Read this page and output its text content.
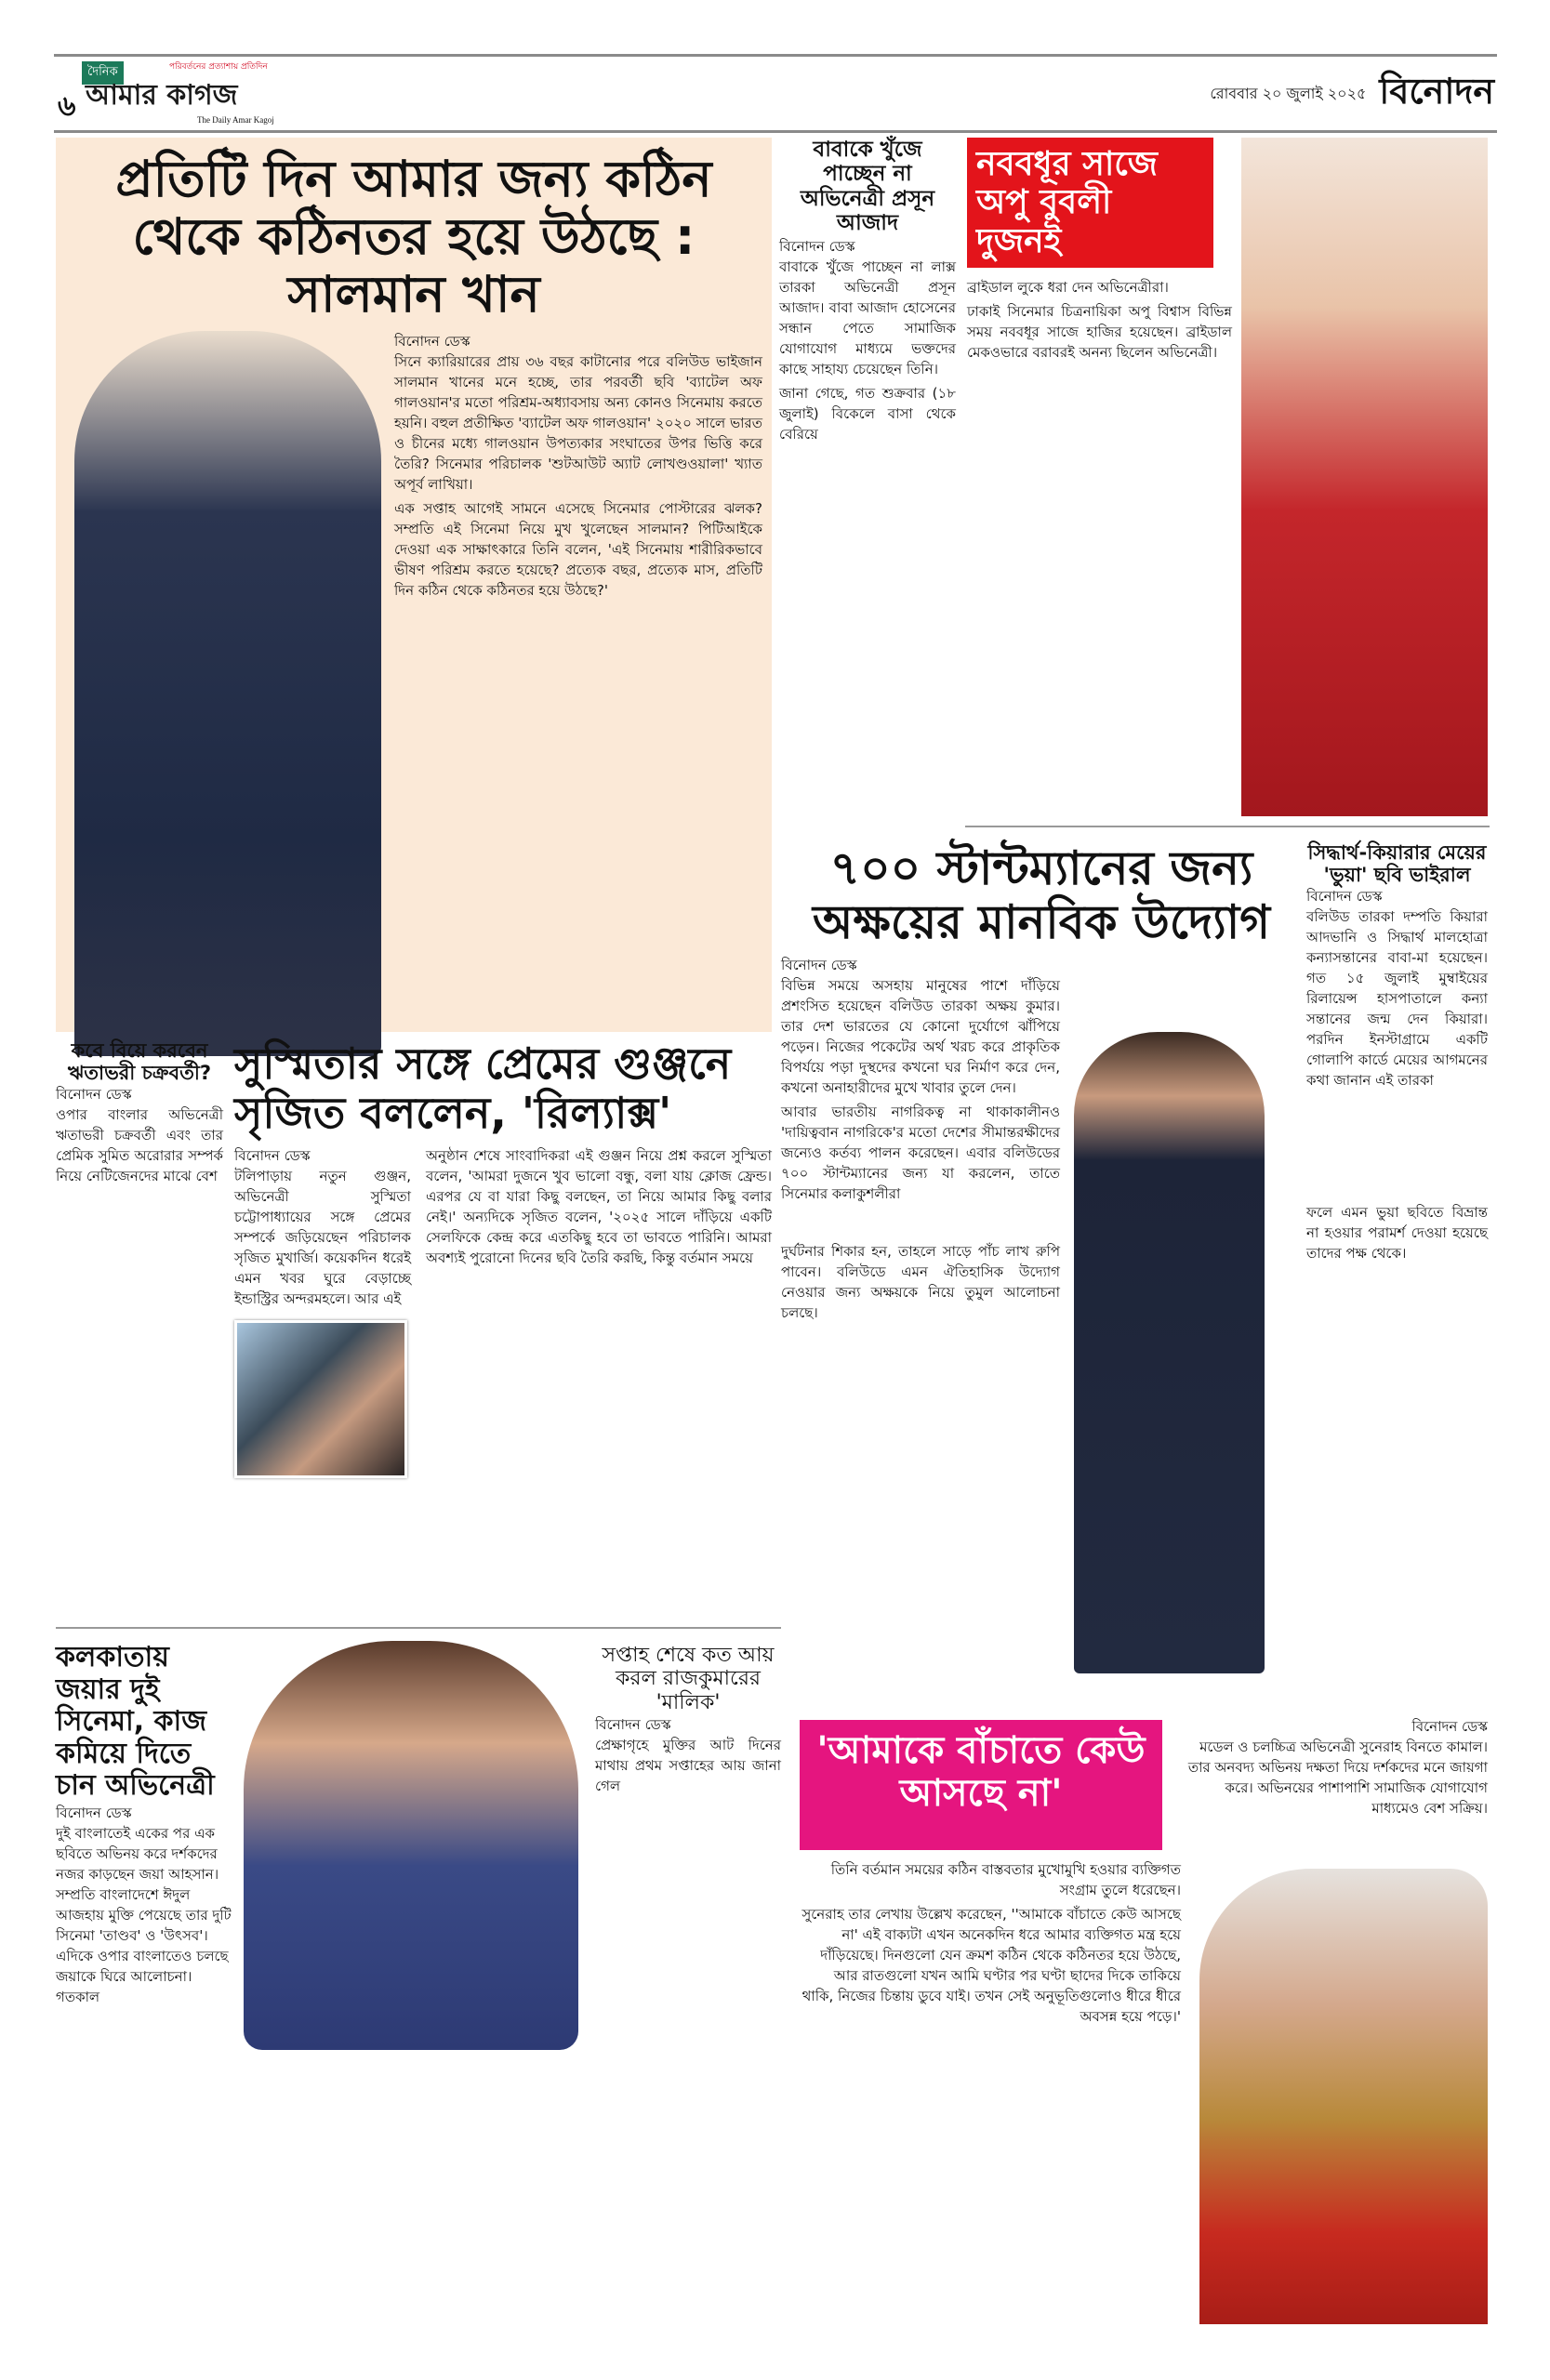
৬
দৈনিক	পরিবর্তনের প্রত্যাশায় প্রতিদিন
আমার কাগজ
The Daily Amar Kagoj
রোববার ২০ জুলাই ২০২৫ বিনোদন
প্রতিটি দিন আমার জন্য কঠিন থেকে কঠিনতর হয়ে উঠছে : সালমান খান
বিনোদন ডেস্ক

সিনে ক্যারিয়ারের প্রায় ৩৬ বছর কাটানোর পরে বলিউড ভাইজান সালমান খানের মনে হচ্ছে, তার পরবর্তী ছবি 'ব্যাটেল অফ গালওয়ান'র মতো পরিশ্রম-অধ্যাবসায় অন্য কোনও সিনেমায় করতে হয়নি। বহুল প্রতীক্ষিত 'ব্যাটেল অফ গালওয়ান' ২০২০ সালে ভারত ও চীনের মধ্যে গালওয়ান উপত্যকার সংঘাতের উপর ভিত্তি করে তৈরি? সিনেমার পরিচালক 'শুটআউট অ্যাট লোখণ্ডওয়ালা' খ্যাত অপূর্ব লাখিয়া।

এক সপ্তাহ আগেই সামনে এসেছে সিনেমার পোস্টারের ঝলক? সম্প্রতি এই সিনেমা নিয়ে মুখ খুলেছেন সালমান? পিটিআইকে দেওয়া এক সাক্ষাৎকারে তিনি বলেন, 'এই সিনেমায় শারীরিকভাবে ভীষণ পরিশ্রম করতে হয়েছে? প্রত্যেক বছর, প্রত্যেক মাস, প্রতিটি দিন কঠিন থেকে কঠিনতর হয়ে উঠছে?'

বাবাকে খুঁজে পাচ্ছেন না অভিনেত্রী প্রসূন আজাদ
বিনোদন ডেস্ক

বাবাকে খুঁজে পাচ্ছেন না লাক্স তারকা অভিনেত্রী প্রসূন আজাদ। বাবা আজাদ হোসেনের সন্ধান পেতে সামাজিক যোগাযোগ মাধ্যমে ভক্তদের কাছে সাহায্য চেয়েছেন তিনি।

জানা গেছে, গত শুক্রবার (১৮ জুলাই) বিকেলে বাসা থেকে বেরিয়ে

নববধূর সাজে অপু বুবলী দুজনই

ব্রাইডাল লুকে ধরা দেন অভিনেত্রীরা।

ঢাকাই সিনেমার চিত্রনায়িকা অপু বিশ্বাস বিভিন্ন সময় নববধূর সাজে হাজির হয়েছেন। ব্রাইডাল মেকওভারে বরাবরই অনন্য ছিলেন অভিনেত্রী।

৭০০ স্টান্টম্যানের জন্য অক্ষয়ের মানবিক উদ্যোগ
বিনোদন ডেস্ক

বিভিন্ন সময়ে অসহায় মানুষের পাশে দাঁড়িয়ে প্রশংসিত হয়েছেন বলিউড তারকা অক্ষয় কুমার। তার দেশ ভারতের যে কোনো দুর্যোগে ঝাঁপিয়ে পড়েন। নিজের পকেটের অর্থ খরচ করে প্রাকৃতিক বিপর্যয়ে পড়া দুস্থদের কখনো ঘর নির্মাণ করে দেন, কখনো অনাহারীদের মুখে খাবার তুলে দেন।

আবার ভারতীয় নাগরিকত্ব না থাকাকালীনও 'দায়িত্ববান নাগরিকে'র মতো দেশের সীমান্তরক্ষীদের জন্যেও কর্তব্য পালন করেছেন। এবার বলিউডের ৭০০ স্টান্টম্যানের জন্য যা করলেন, তাতে সিনেমার কলাকুশলীরা

দুর্ঘটনার শিকার হন, তাহলে সাড়ে পাঁচ লাখ রুপি পাবেন। বলিউডে এমন ঐতিহাসিক উদ্যোগ নেওয়ার জন্য অক্ষয়কে নিয়ে তুমুল আলোচনা চলছে।

সিদ্ধার্থ-কিয়ারার মেয়ের 'ভুয়া' ছবি ভাইরাল
বিনোদন ডেস্ক

বলিউড তারকা দম্পতি কিয়ারা আদভানি ও সিদ্ধার্থ মালহোত্রা কন্যাসন্তানের বাবা-মা হয়েছেন। গত ১৫ জুলাই মুম্বাইয়ের রিলায়েন্স হাসপাতালে কন্যা সন্তানের জন্ম দেন কিয়ারা। পরদিন ইনস্টাগ্রামে একটি গোলাপি কার্ডে মেয়ের আগমনের কথা জানান এই তারকা

ফলে এমন ভুয়া ছবিতে বিভ্রান্ত না হওয়ার পরামর্শ দেওয়া হয়েছে তাদের পক্ষ থেকে।

কবে বিয়ে করবেন ঋতাভরী চক্রবর্তী?
বিনোদন ডেস্ক

ওপার বাংলার অভিনেত্রী ঋতাভরী চক্রবর্তী এবং তার প্রেমিক সুমিত অরোরার সম্পর্ক নিয়ে নেটিজেনদের মাঝে বেশ

সুস্মিতার সঙ্গে প্রেমের গুঞ্জনে সৃজিত বললেন, 'রিল্যাক্স'
বিনোদন ডেস্ক

টলিপাড়ায় নতুন গুঞ্জন, অভিনেত্রী সুস্মিতা চট্টোপাধ্যায়ের সঙ্গে প্রেমের সম্পর্কে জড়িয়েছেন পরিচালক সৃজিত মুখার্জি। কয়েকদিন ধরেই এমন খবর ঘুরে বেড়াচ্ছে ইন্ডাস্ট্রির অন্দরমহলে। আর এই

অনুষ্ঠান শেষে সাংবাদিকরা এই গুঞ্জন নিয়ে প্রশ্ন করলে সুস্মিতা বলেন, 'আমরা দুজনে খুব ভালো বন্ধু, বলা যায় ক্লোজ ফ্রেন্ড। এরপর যে বা যারা কিছু বলছেন, তা নিয়ে আমার কিছু বলার নেই।' অন্যদিকে সৃজিত বলেন, '২০২৫ সালে দাঁড়িয়ে একটি সেলফিকে কেন্দ্র করে এতকিছু হবে তা ভাবতে পারিনি। আমরা অবশ্যই পুরোনো দিনের ছবি তৈরি করছি, কিন্তু বর্তমান সময়ে

কলকাতায় জয়ার দুই সিনেমা, কাজ কমিয়ে দিতে চান অভিনেত্রী
বিনোদন ডেস্ক

দুই বাংলাতেই একের পর এক ছবিতে অভিনয় করে দর্শকদের নজর কাড়ছেন জয়া আহসান। সম্প্রতি বাংলাদেশে ঈদুল আজহায় মুক্তি পেয়েছে তার দুটি সিনেমা 'তাণ্ডব' ও 'উৎসব'। এদিকে ওপার বাংলাতেও চলছে জয়াকে ঘিরে আলোচনা। গতকাল

সপ্তাহ শেষে কত আয় করল রাজকুমারের 'মালিক'
বিনোদন ডেস্ক

প্রেক্ষাগৃহে মুক্তির আট দিনের মাথায় প্রথম সপ্তাহের আয় জানা গেল

বিনোদন ডেস্ক
মডেল ও চলচ্চিত্র অভিনেত্রী সুনেরাহ বিনতে কামাল। তার অনবদ্য অভিনয় দক্ষতা দিয়ে দর্শকদের মনে জায়গা করে। অভিনয়ের পাশাপাশি সামাজিক যোগাযোগ মাধ্যমেও বেশ সক্রিয়।
'আমাকে বাঁচাতে কেউ আসছে না'

তিনি বর্তমান সময়ের কঠিন বাস্তবতার মুখোমুখি হওয়ার ব্যক্তিগত সংগ্রাম তুলে ধরেছেন।

সুনেরাহ তার লেখায় উল্লেখ করেছেন, ''আমাকে বাঁচাতে কেউ আসছে না' এই বাক্যটা এখন অনেকদিন ধরে আমার ব্যক্তিগত মন্ত্র হয়ে দাঁড়িয়েছে। দিনগুলো যেন ক্রমশ কঠিন থেকে কঠিনতর হয়ে উঠছে, আর রাতগুলো যখন আমি ঘণ্টার পর ঘণ্টা ছাদের দিকে তাকিয়ে থাকি, নিজের চিন্তায় ডুবে যাই। তখন সেই অনুভূতিগুলোও ধীরে ধীরে অবসন্ন হয়ে পড়ে।'
